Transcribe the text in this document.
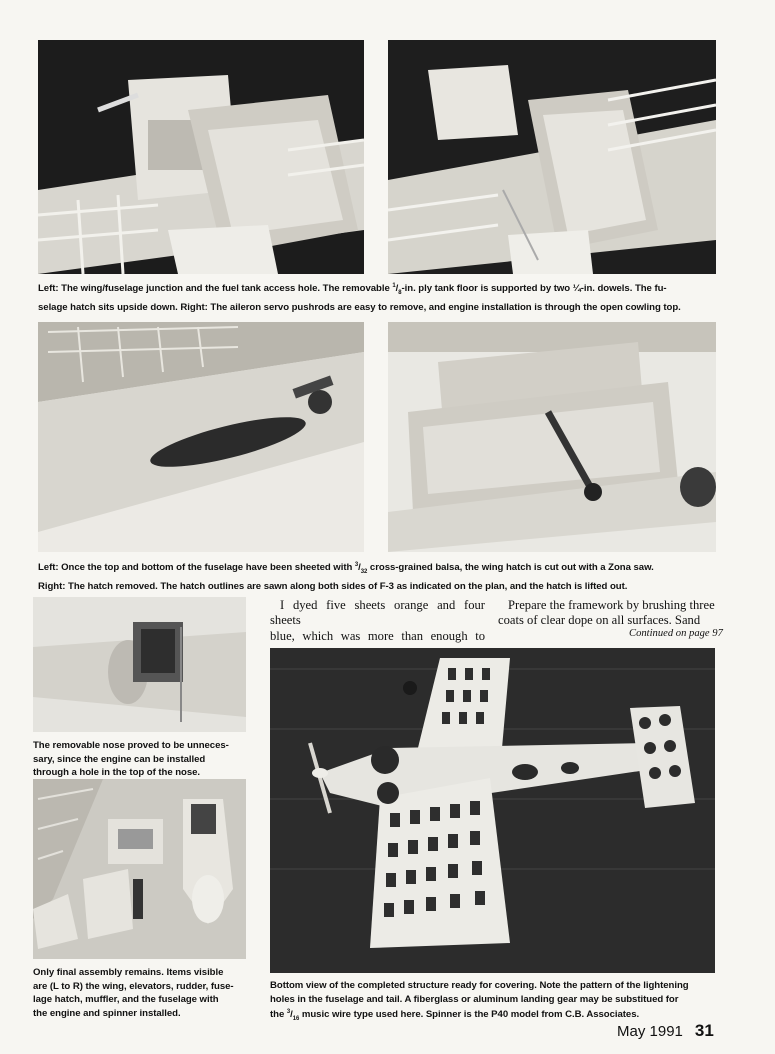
Left: The wing/fuselage junction and the fuel tank access hole. The removable $^1/_8-in$. ply tank floor is supported by two ¼-in. dowels. The fu-
selage hatch sits upside down. Right: The aileron servo pushrods are easy to remove, and engine installation is through the open cowling top.

Left: Once the top and bottom of the fuselage have been sheeted with $^3/_{32}$ cross-grained balsa, the wing hatch is cut out with a Zona saw.
Right: The hatch removed. The hatch outlines are sawn along both sides of F-3 as indicated on the plan, and the hatch is lifted out.

The removable nose proved to be unneces-
sary, since the engine can be installed
through a hole in the top of the nose.

Only final assembly remains. Items visible
are (L to R) the wing, elevators, rudder, fuse-
lage hatch, muffler, and the fuselage with
the engine and spinner installed.

I dyed five sheets orange and four sheets
blue, which was more than enough to

Prepare the framework by brushing three
coats of clear dope on all surfaces. Sand

Continued on page 97

Bottom view of the completed structure ready for covering. Note the pattern of the lightening
holes in the fuselage and tail. A fiberglass or aluminum landing gear may be substitued for
the $^3/_{16}$ music wire type used here. Spinner is the P40 model from C.B. Associates.

May 1991 31
